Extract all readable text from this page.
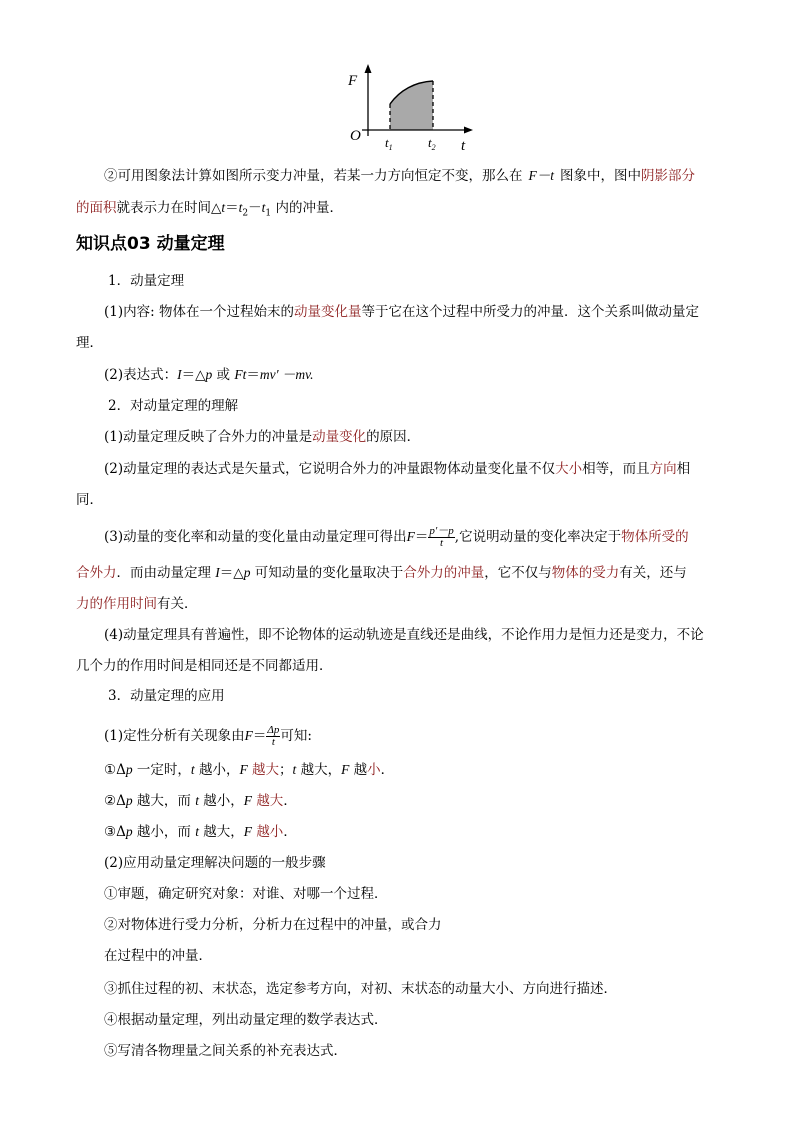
F
t
O $t_1$	$t_2$
②可用图象法计算如图所示变力冲量，若某一力方向恒定不变，那么在 F－t 图象中，图中阴影部分
的面积就表示力在时间$\triangle t=t_2-t_1$ 内的冲量．
知识点03 动量定理
1．动量定理
(1)内容: 物体在一个过程始末的动量变化量等于它在这个过程中所受力的冲量．这个关系叫做动量定
理．
(2)表达式：I＝△p 或 Ft＝mv′ －mv.
2．对动量定理的理解
(1)动量定理反映了合外力的冲量是动量变化的原因．
(2)动量定理的表达式是矢量式，它说明合外力的冲量跟物体动量变化量不仅大小相等，而且方向相
同．
(3)动量的变化率和动量的变化量由动量定理可得出$F= \frac{p'-p}{t}$ ,它说明动量的变化率决定于物体所受的
合外力．而由动量定理 I＝△p 可知动量的变化量取决于合外力的冲量，它不仅与物体的受力有关，还与
力的作用时间有关．
(4)动量定理具有普遍性，即不论物体的运动轨迹是直线还是曲线，不论作用力是恒力还是变力，不论
几个力的作用时间是相同还是不同都适用．
3．动量定理的应用
(1)定性分析有关现象由$F= \frac{\Delta p}{t}$ 可知:
①Δp 一定时，t 越小，F 越大；t 越大，F 越小．
②Δp 越大，而 t 越小，F 越大．
③Δp 越小，而 t 越大，F 越小．
(2)应用动量定理解决问题的一般步骤
①审题，确定研究对象：对谁、对哪一个过程．
②对物体进行受力分析，分析力在过程中的冲量，或合力
在过程中的冲量．
③抓住过程的初、末状态，选定参考方向，对初、末状态的动量大小、方向进行描述．
④根据动量定理，列出动量定理的数学表达式．
⑤写清各物理量之间关系的补充表达式．
